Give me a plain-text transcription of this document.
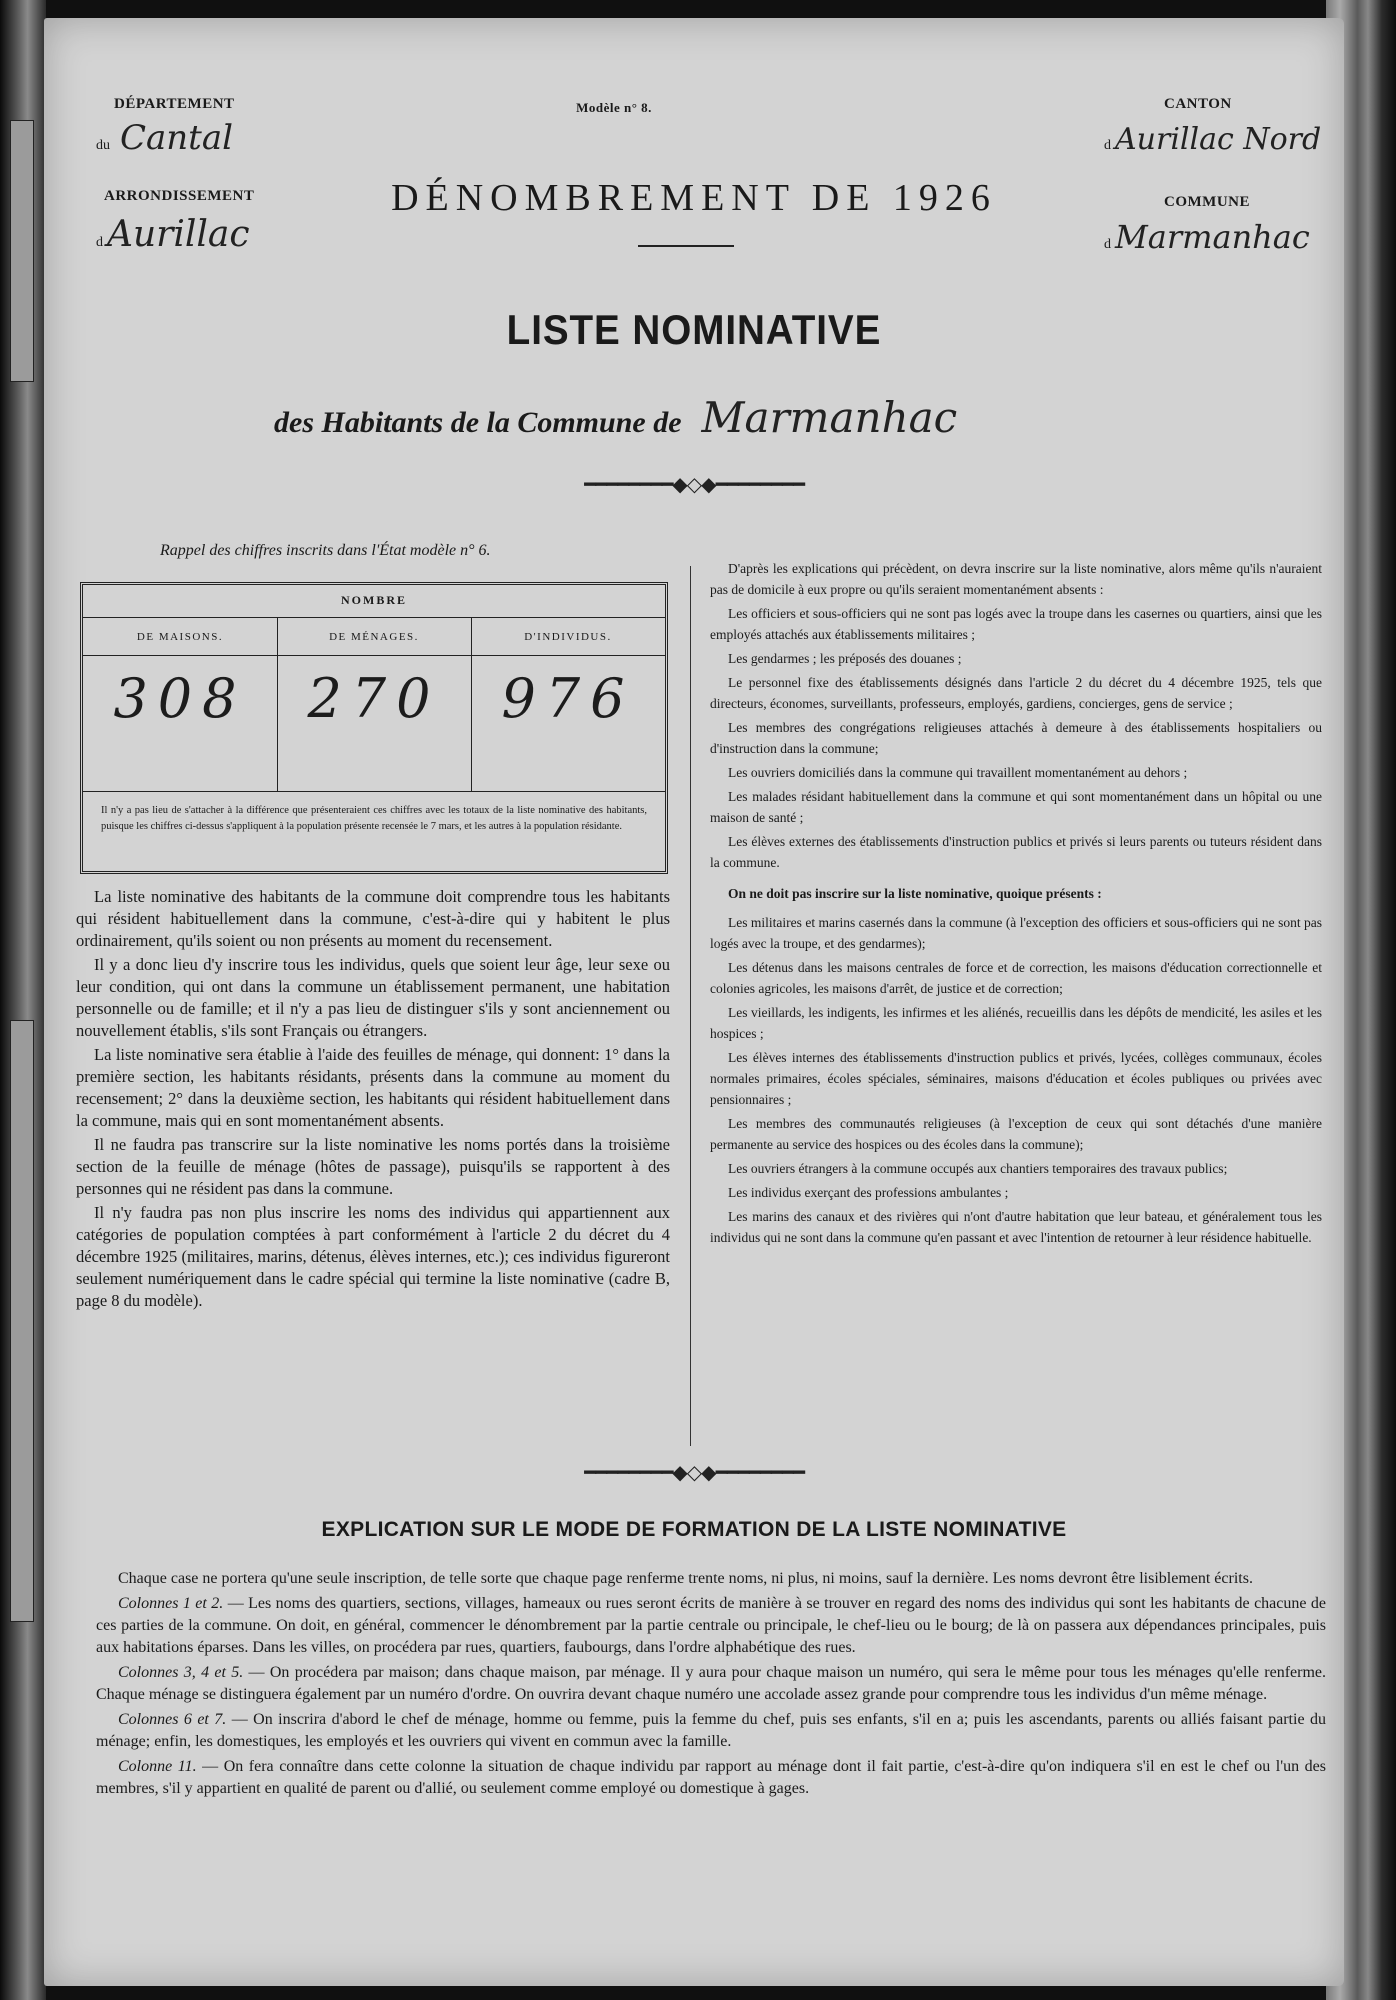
DÉPARTEMENT
du Cantal
Modèle n° 8.	CANTON
d Aurillac Nord
ARRONDISSEMENT
d Aurillac
DÉNOMBREMENT DE 1926	COMMUNE
d Marmanhac
LISTE NOMINATIVE
des Habitants de la Commune de Marmanhac
━━━━━━━━◆◇◆━━━━━━━━
Rappel des chiffres inscrits dans l'État modèle n° 6.
NOMBRE
DE MAISONS.	DE MÉNAGES.	D'INDIVIDUS.
308	270	976
Il n'y a pas lieu de s'attacher à la différence que présenteraient ces chiffres avec les totaux de la liste nominative des habitants, puisque les chiffres ci-dessus s'appliquent à la population présente recensée le 7 mars, et les autres à la population résidante.

La liste nominative des habitants de la commune doit comprendre tous les habitants qui résident habituellement dans la commune, c'est-à-dire qui y habitent le plus ordinairement, qu'ils soient ou non présents au moment du recensement.

Il y a donc lieu d'y inscrire tous les individus, quels que soient leur âge, leur sexe ou leur condition, qui ont dans la commune un établissement permanent, une habitation personnelle ou de famille; et il n'y a pas lieu de distinguer s'ils y sont anciennement ou nouvellement établis, s'ils sont Français ou étrangers.

La liste nominative sera établie à l'aide des feuilles de ménage, qui donnent: 1° dans la première section, les habitants résidants, présents dans la commune au moment du recensement; 2° dans la deuxième section, les habitants qui résident habituellement dans la commune, mais qui en sont momentanément absents.

Il ne faudra pas transcrire sur la liste nominative les noms portés dans la troisième section de la feuille de ménage (hôtes de passage), puisqu'ils se rapportent à des personnes qui ne résident pas dans la commune.

Il n'y faudra pas non plus inscrire les noms des individus qui appartiennent aux catégories de population comptées à part conformément à l'article 2 du décret du 4 décembre 1925 (militaires, marins, détenus, élèves internes, etc.); ces individus figureront seulement numériquement dans le cadre spécial qui termine la liste nominative (cadre B, page 8 du modèle).

D'après les explications qui précèdent, on devra inscrire sur la liste nominative, alors même qu'ils n'auraient pas de domicile à eux propre ou qu'ils seraient momentanément absents :

Les officiers et sous-officiers qui ne sont pas logés avec la troupe dans les casernes ou quartiers, ainsi que les employés attachés aux établissements militaires ;

Les gendarmes ; les préposés des douanes ;

Le personnel fixe des établissements désignés dans l'article 2 du décret du 4 décembre 1925, tels que directeurs, économes, surveillants, professeurs, employés, gardiens, concierges, gens de service ;

Les membres des congrégations religieuses attachés à demeure à des établissements hospitaliers ou d'instruction dans la commune;

Les ouvriers domiciliés dans la commune qui travaillent momentanément au dehors ;

Les malades résidant habituellement dans la commune et qui sont momentanément dans un hôpital ou une maison de santé ;

Les élèves externes des établissements d'instruction publics et privés si leurs parents ou tuteurs résident dans la commune.

On ne doit pas inscrire sur la liste nominative, quoique présents :

Les militaires et marins casernés dans la commune (à l'exception des officiers et sous-officiers qui ne sont pas logés avec la troupe, et des gendarmes);

Les détenus dans les maisons centrales de force et de correction, les maisons d'éducation correctionnelle et colonies agricoles, les maisons d'arrêt, de justice et de correction;

Les vieillards, les indigents, les infirmes et les aliénés, recueillis dans les dépôts de mendicité, les asiles et les hospices ;

Les élèves internes des établissements d'instruction publics et privés, lycées, collèges communaux, écoles normales primaires, écoles spéciales, séminaires, maisons d'éducation et écoles publiques ou privées avec pensionnaires ;

Les membres des communautés religieuses (à l'exception de ceux qui sont détachés d'une manière permanente au service des hospices ou des écoles dans la commune);

Les ouvriers étrangers à la commune occupés aux chantiers temporaires des travaux publics;

Les individus exerçant des professions ambulantes ;

Les marins des canaux et des rivières qui n'ont d'autre habitation que leur bateau, et généralement tous les individus qui ne sont dans la commune qu'en passant et avec l'intention de retourner à leur résidence habituelle.

━━━━━━━━◆◇◆━━━━━━━━
EXPLICATION SUR LE MODE DE FORMATION DE LA LISTE NOMINATIVE

Chaque case ne portera qu'une seule inscription, de telle sorte que chaque page renferme trente noms, ni plus, ni moins, sauf la dernière. Les noms devront être lisiblement écrits.

Colonnes 1 et 2. — Les noms des quartiers, sections, villages, hameaux ou rues seront écrits de manière à se trouver en regard des noms des individus qui sont les habitants de chacune de ces parties de la commune. On doit, en général, commencer le dénombrement par la partie centrale ou principale, le chef-lieu ou le bourg; de là on passera aux dépendances principales, puis aux habitations éparses. Dans les villes, on procédera par rues, quartiers, faubourgs, dans l'ordre alphabétique des rues.

Colonnes 3, 4 et 5. — On procédera par maison; dans chaque maison, par ménage. Il y aura pour chaque maison un numéro, qui sera le même pour tous les ménages qu'elle renferme. Chaque ménage se distinguera également par un numéro d'ordre. On ouvrira devant chaque numéro une accolade assez grande pour comprendre tous les individus d'un même ménage.

Colonnes 6 et 7. — On inscrira d'abord le chef de ménage, homme ou femme, puis la femme du chef, puis ses enfants, s'il en a; puis les ascendants, parents ou alliés faisant partie du ménage; enfin, les domestiques, les employés et les ouvriers qui vivent en commun avec la famille.

Colonne 11. — On fera connaître dans cette colonne la situation de chaque individu par rapport au ménage dont il fait partie, c'est-à-dire qu'on indiquera s'il en est le chef ou l'un des membres, s'il y appartient en qualité de parent ou d'allié, ou seulement comme employé ou domestique à gages.
